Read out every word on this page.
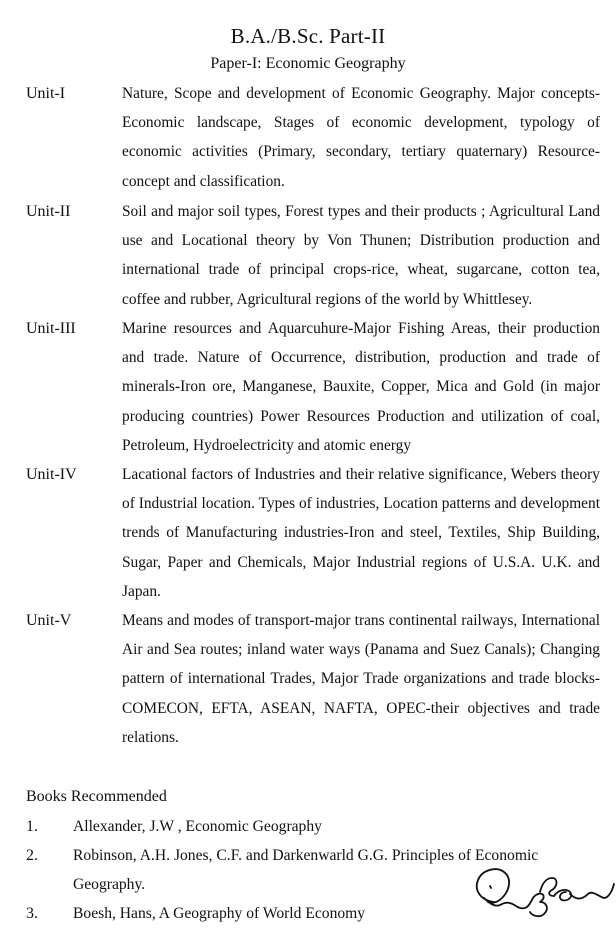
B.A./B.Sc. Part-II
Paper-I: Economic Geography
Unit-I	Nature, Scope and development of Economic Geography. Major concepts-Economic landscape, Stages of economic development, typology of economic activities (Primary, secondary, tertiary quaternary) Resource-concept and classification.
Unit-II	Soil and major soil types, Forest types and their products ; Agricultural Land use and Locational theory by Von Thunen; Distribution production and international trade of principal crops-rice, wheat, sugarcane, cotton tea, coffee and rubber, Agricultural regions of the world by Whittlesey.
Unit-III	Marine resources and Aquarcuhure-Major Fishing Areas, their production and trade. Nature of Occurrence, distribution, production and trade of minerals-Iron ore, Manganese, Bauxite, Copper, Mica and Gold (in major producing countries) Power Resources Production and utilization of coal, Petroleum, Hydroelectricity and atomic energy
Unit-IV	Lacational factors of Industries and their relative significance, Webers theory of Industrial location. Types of industries, Location patterns and development trends of Manufacturing industries-Iron and steel, Textiles, Ship Building, Sugar, Paper and Chemicals, Major Industrial regions of U.S.A. U.K. and Japan.
Unit-V	Means and modes of transport-major trans continental railways, International Air and Sea routes; inland water ways (Panama and Suez Canals); Changing pattern of international Trades, Major Trade organizations and trade blocks-COMECON, EFTA, ASEAN, NAFTA, OPEC-their objectives and trade relations.
Books Recommended
1. Allexander, J.W , Economic Geography
2. Robinson, A.H. Jones, C.F. and Darkenwarld G.G. Principles of Economic Geography.
3. Boesh, Hans, A Geography of World Economy
